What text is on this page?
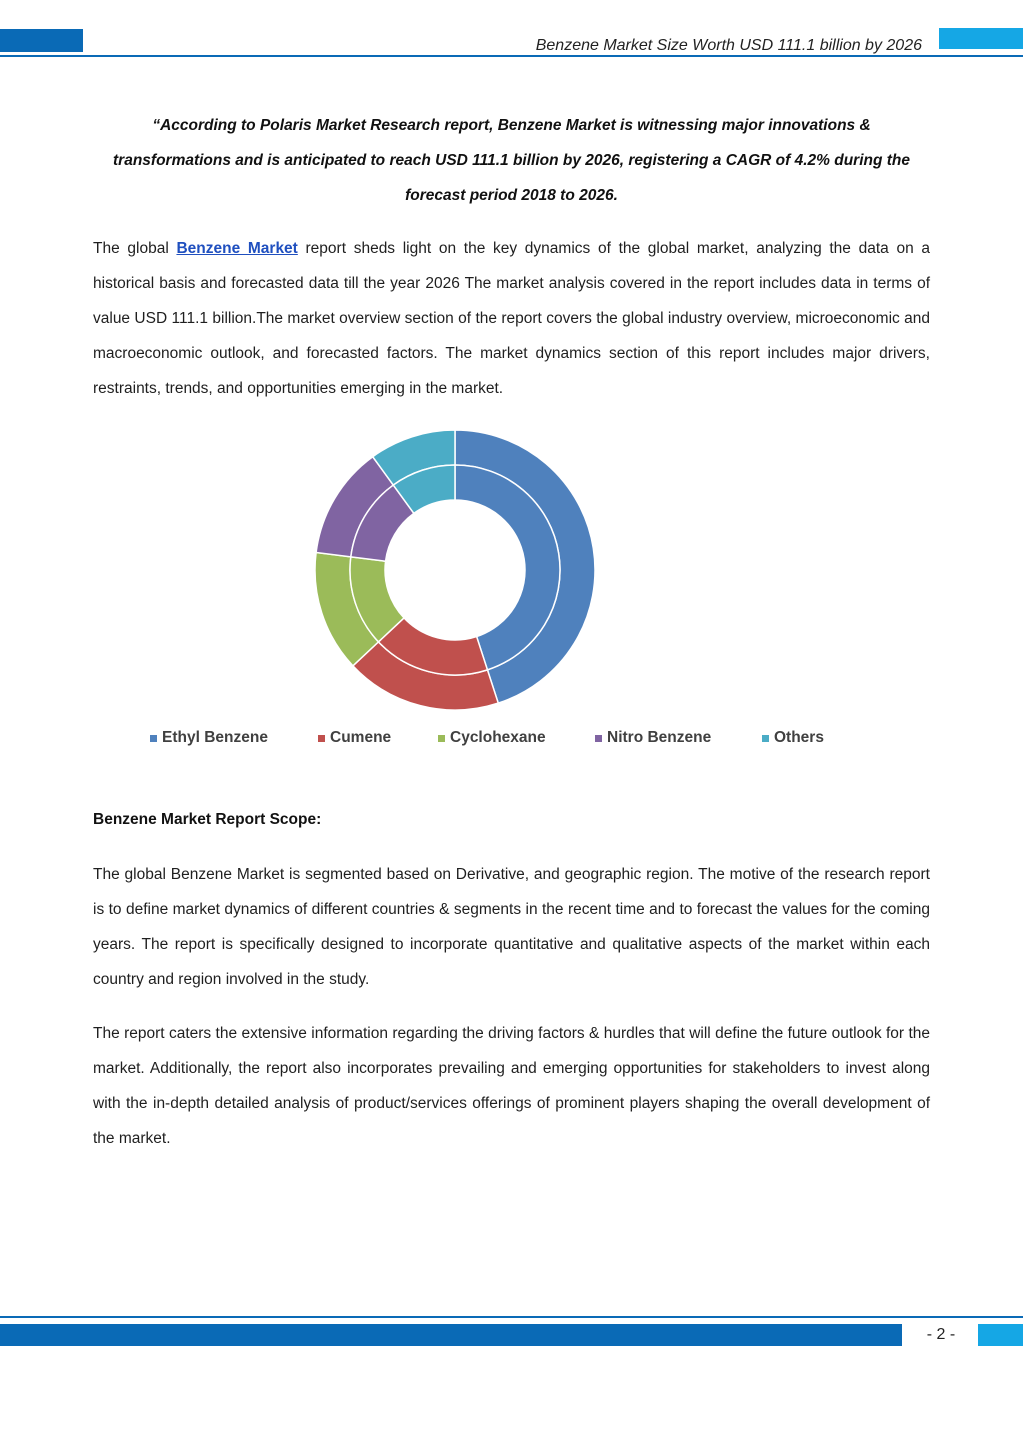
Benzene Market Size Worth USD 111.1 billion by 2026
“According to Polaris Market Research report, Benzene Market is witnessing major innovations & transformations and is anticipated to reach USD 111.1 billion by 2026, registering a CAGR of 4.2% during the forecast period 2018 to 2026.
The global Benzene Market report sheds light on the key dynamics of the global market, analyzing the data on a historical basis and forecasted data till the year 2026 The market analysis covered in the report includes data in terms of value USD 111.1 billion.The market overview section of the report covers the global industry overview, microeconomic and macroeconomic outlook, and forecasted factors. The market dynamics section of this report includes major drivers, restraints, trends, and opportunities emerging in the market.
Ethyl Benzene	Cumene	Cyclohexane	Nitro Benzene	Others
Benzene Market Report Scope:
The global Benzene Market is segmented based on Derivative, and geographic region. The motive of the research report is to define market dynamics of different countries & segments in the recent time and to forecast the values for the coming years. The report is specifically designed to incorporate quantitative and qualitative aspects of the market within each country and region involved in the study.
The report caters the extensive information regarding the driving factors & hurdles that will define the future outlook for the market. Additionally, the report also incorporates prevailing and emerging opportunities for stakeholders to invest along with the in-depth detailed analysis of product/services offerings of prominent players shaping the overall development of the market.
- 2 -
